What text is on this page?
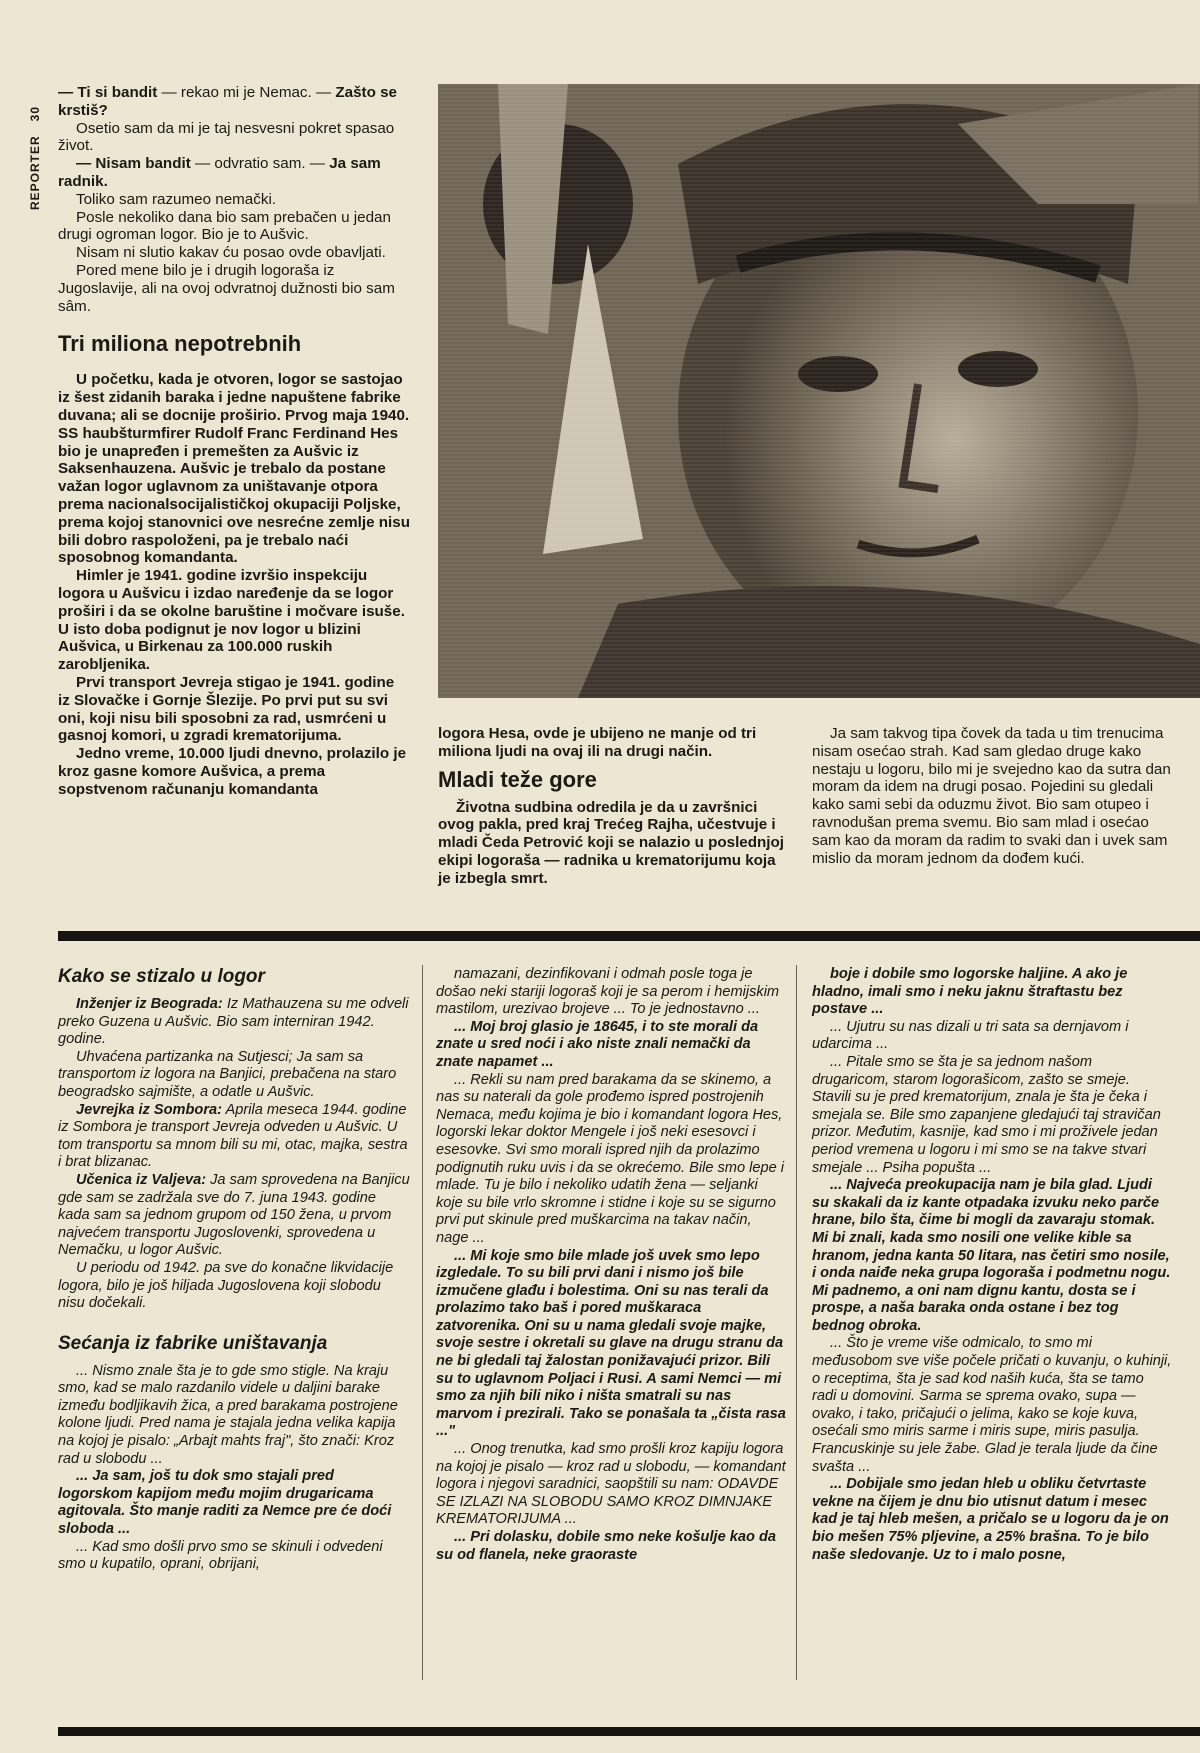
REPORTER30

— Ti si bandit — rekao mi je Nemac. — Zašto se krstiš?

Osetio sam da mi je taj nesvesni pokret spasao život.

— Nisam bandit — odvratio sam. — Ja sam radnik.

Toliko sam razumeo nemački.

Posle nekoliko dana bio sam prebačen u jedan drugi ogroman logor. Bio je to Aušvic.

Nisam ni slutio kakav ću posao ovde obavljati.

Pored mene bilo je i drugih logoraša iz Jugoslavije, ali na ovoj odvratnoj dužnosti bio sam sâm.

Tri miliona nepotrebnih

U početku, kada je otvoren, logor se sastojao iz šest zidanih baraka i jedne napuštene fabrike duvana; ali se docnije proširio. Prvog maja 1940. SS haubšturmfirer Rudolf Franc Ferdinand Hes bio je unapređen i premešten za Aušvic iz Saksenhauzena. Aušvic je trebalo da postane važan logor uglavnom za uništavanje otpora prema nacionalsocijalističkoj okupaciji Poljske, prema kojoj stanovnici ove nesrećne zemlje nisu bili dobro raspoloženi, pa je trebalo naći sposobnog komandanta.

Himler je 1941. godine izvršio inspekciju logora u Aušvicu i izdao naređenje da se logor proširi i da se okolne baruštine i močvare isuše. U isto doba podignut je nov logor u blizini Aušvica, u Birkenau za 100.000 ruskih zarobljenika.

Prvi transport Jevreja stigao je 1941. godine iz Slovačke i Gornje Šlezije. Po prvi put su svi oni, koji nisu bili sposobni za rad, usmrćeni u gasnoj komori, u zgradi krematorijuma.

Jedno vreme, 10.000 ljudi dnevno, prolazilo je kroz gasne komore Aušvica, a prema sopstvenom računanju komandanta

logora Hesa, ovde je ubijeno ne manje od tri miliona ljudi na ovaj ili na drugi način.

Mladi teže gore

Životna sudbina odredila je da u završnici ovog pakla, pred kraj Trećeg Rajha, učestvuje i mladi Čeda Petrović koji se nalazio u poslednjoj ekipi logoraša — radnika u krematorijumu koja je izbegla smrt.

Ja sam takvog tipa čovek da tada u tim trenucima nisam osećao strah. Kad sam gledao druge kako nestaju u logoru, bilo mi je svejedno kao da sutra dan moram da idem na drugi posao. Pojedini su gledali kako sami sebi da oduzmu život. Bio sam otupeo i ravnodušan prema svemu. Bio sam mlad i osećao sam kao da moram da radim to svaki dan i uvek sam mislio da moram jednom da dođem kući.

Kako se stizalo u logor

Inženjer iz Beograda: Iz Mathauzena su me odveli preko Guzena u Aušvic. Bio sam interniran 1942. godine.

Uhvaćena partizanka na Sutjesci; Ja sam sa transportom iz logora na Banjici, prebačena na staro beogradsko sajmište, a odatle u Aušvic.

Jevrejka iz Sombora: Aprila meseca 1944. godine iz Sombora je transport Jevreja odveden u Aušvic. U tom transportu sa mnom bili su mi, otac, majka, sestra i brat blizanac.

Učenica iz Valjeva: Ja sam sprovedena na Banjicu gde sam se zadržala sve do 7. juna 1943. godine kada sam sa jednom grupom od 150 žena, u prvom najvećem transportu Jugoslovenki, sprovedena u Nemačku, u logor Aušvic.

U periodu od 1942. pa sve do konačne likvidacije logora, bilo je još hiljada Jugoslovena koji slobodu nisu dočekali.

Sećanja iz fabrike uništavanja

... Nismo znale šta je to gde smo stigle. Na kraju smo, kad se malo razdanilo videle u daljini barake između bodljikavih žica, a pred barakama postrojene kolone ljudi. Pred nama je stajala jedna velika kapija na kojoj je pisalo: „Arbajt mahts fraj", što znači: Kroz rad u slobodu ...

... Ja sam, još tu dok smo stajali pred logorskom kapijom među mojim drugaricama agitovala. Što manje raditi za Nemce pre će doći sloboda ...

... Kad smo došli prvo smo se skinuli i odvedeni smo u kupatilo, oprani, obrijani,

namazani, dezinfikovani i odmah posle toga je došao neki stariji logoraš koji je sa perom i hemijskim mastilom, urezivao brojeve ... To je jednostavno ...

... Moj broj glasio je 18645, i to ste morali da znate u sred noći i ako niste znali nemački da znate napamet ...

... Rekli su nam pred barakama da se skinemo, a nas su naterali da gole prođemo ispred postrojenih Nemaca, među kojima je bio i komandant logora Hes, logorski lekar doktor Mengele i još neki esesovci i esesovke. Svi smo morali ispred njih da prolazimo podignutih ruku uvis i da se okrećemo. Bile smo lepe i mlade. Tu je bilo i nekoliko udatih žena — seljanki koje su bile vrlo skromne i stidne i koje su se sigurno prvi put skinule pred muškarcima na takav način, nage ...

... Mi koje smo bile mlade još uvek smo lepo izgledale. To su bili prvi dani i nismo još bile izmučene glađu i bolestima. Oni su nas terali da prolazimo tako baš i pored muškaraca zatvorenika. Oni su u nama gledali svoje majke, svoje sestre i okretali su glave na drugu stranu da ne bi gledali taj žalostan ponižavajući prizor. Bili su to uglavnom Poljaci i Rusi. A sami Nemci — mi smo za njih bili niko i ništa smatrali su nas marvom i prezirali. Tako se ponašala ta „čista rasa ..."

... Onog trenutka, kad smo prošli kroz kapiju logora na kojoj je pisalo — kroz rad u slobodu, — komandant logora i njegovi saradnici, saopštili su nam: ODAVDE SE IZLAZI NA SLOBODU SAMO KROZ DIMNJAKE KREMATORIJUMA ...

... Pri dolasku, dobile smo neke košulje kao da su od flanela, neke graoraste

boje i dobile smo logorske haljine. A ako je hladno, imali smo i neku jaknu štraftastu bez postave ...

... Ujutru su nas dizali u tri sata sa dernjavom i udarcima ...

... Pitale smo se šta je sa jednom našom drugaricom, starom logorašicom, zašto se smeje. Stavili su je pred krematorijum, znala je šta je čeka i smejala se. Bile smo zapanjene gledajući taj stravičan prizor. Međutim, kasnije, kad smo i mi proživele jedan period vremena u logoru i mi smo se na takve stvari smejale ... Psiha popušta ...

... Najveća preokupacija nam je bila glad. Ljudi su skakali da iz kante otpadaka izvuku neko parče hrane, bilo šta, čime bi mogli da zavaraju stomak. Mi bi znali, kada smo nosili one velike kible sa hranom, jedna kanta 50 litara, nas četiri smo nosile, i onda naiđe neka grupa logoraša i podmetnu nogu. Mi padnemo, a oni nam dignu kantu, dosta se i prospe, a naša baraka onda ostane i bez tog bednog obroka.

... Što je vreme više odmicalo, to smo mi međusobom sve više počele pričati o kuvanju, o kuhinji, o receptima, šta je sad kod naših kuća, šta se tamo radi u domovini. Sarma se sprema ovako, supa — ovako, i tako, pričajući o jelima, kako se koje kuva, osećali smo miris sarme i miris supe, miris pasulja. Francuskinje su jele žabe. Glad je terala ljude da čine svašta ...

... Dobijale smo jedan hleb u obliku četvrtaste vekne na čijem je dnu bio utisnut datum i mesec kad je taj hleb mešen, a pričalo se u logoru da je on bio mešen 75% pljevine, a 25% brašna. To je bilo naše sledovanje. Uz to i malo posne,
